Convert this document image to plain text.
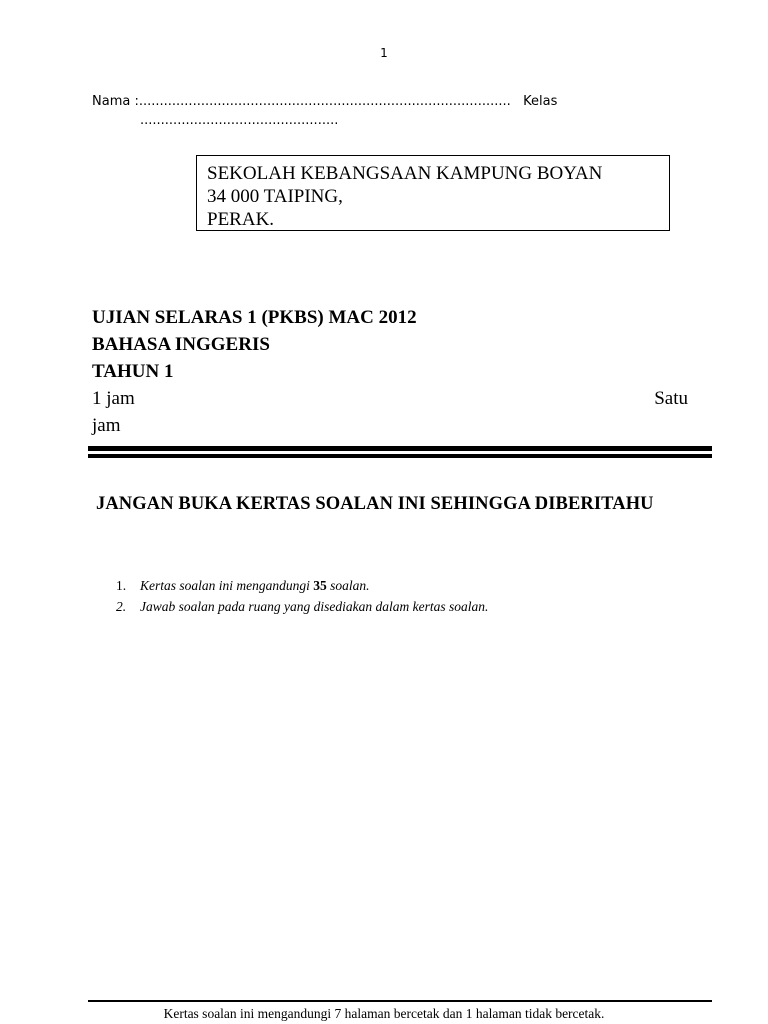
1
Nama :.......................................................................................... Kelas
................................................
SEKOLAH KEBANGSAAN KAMPUNG BOYAN
34 000 TAIPING,
PERAK.
UJIAN SELARAS 1 (PKBS) MAC 2012
BAHASA INGGERIS
TAHUN 1
1 jam	Satu
jam
JANGAN BUKA KERTAS SOALAN INI SEHINGGA DIBERITAHU
1. Kertas soalan ini mengandungi 35 soalan.
2. Jawab soalan pada ruang yang disediakan dalam kertas soalan.
Kertas soalan ini mengandungi 7 halaman bercetak dan 1 halaman tidak bercetak.
